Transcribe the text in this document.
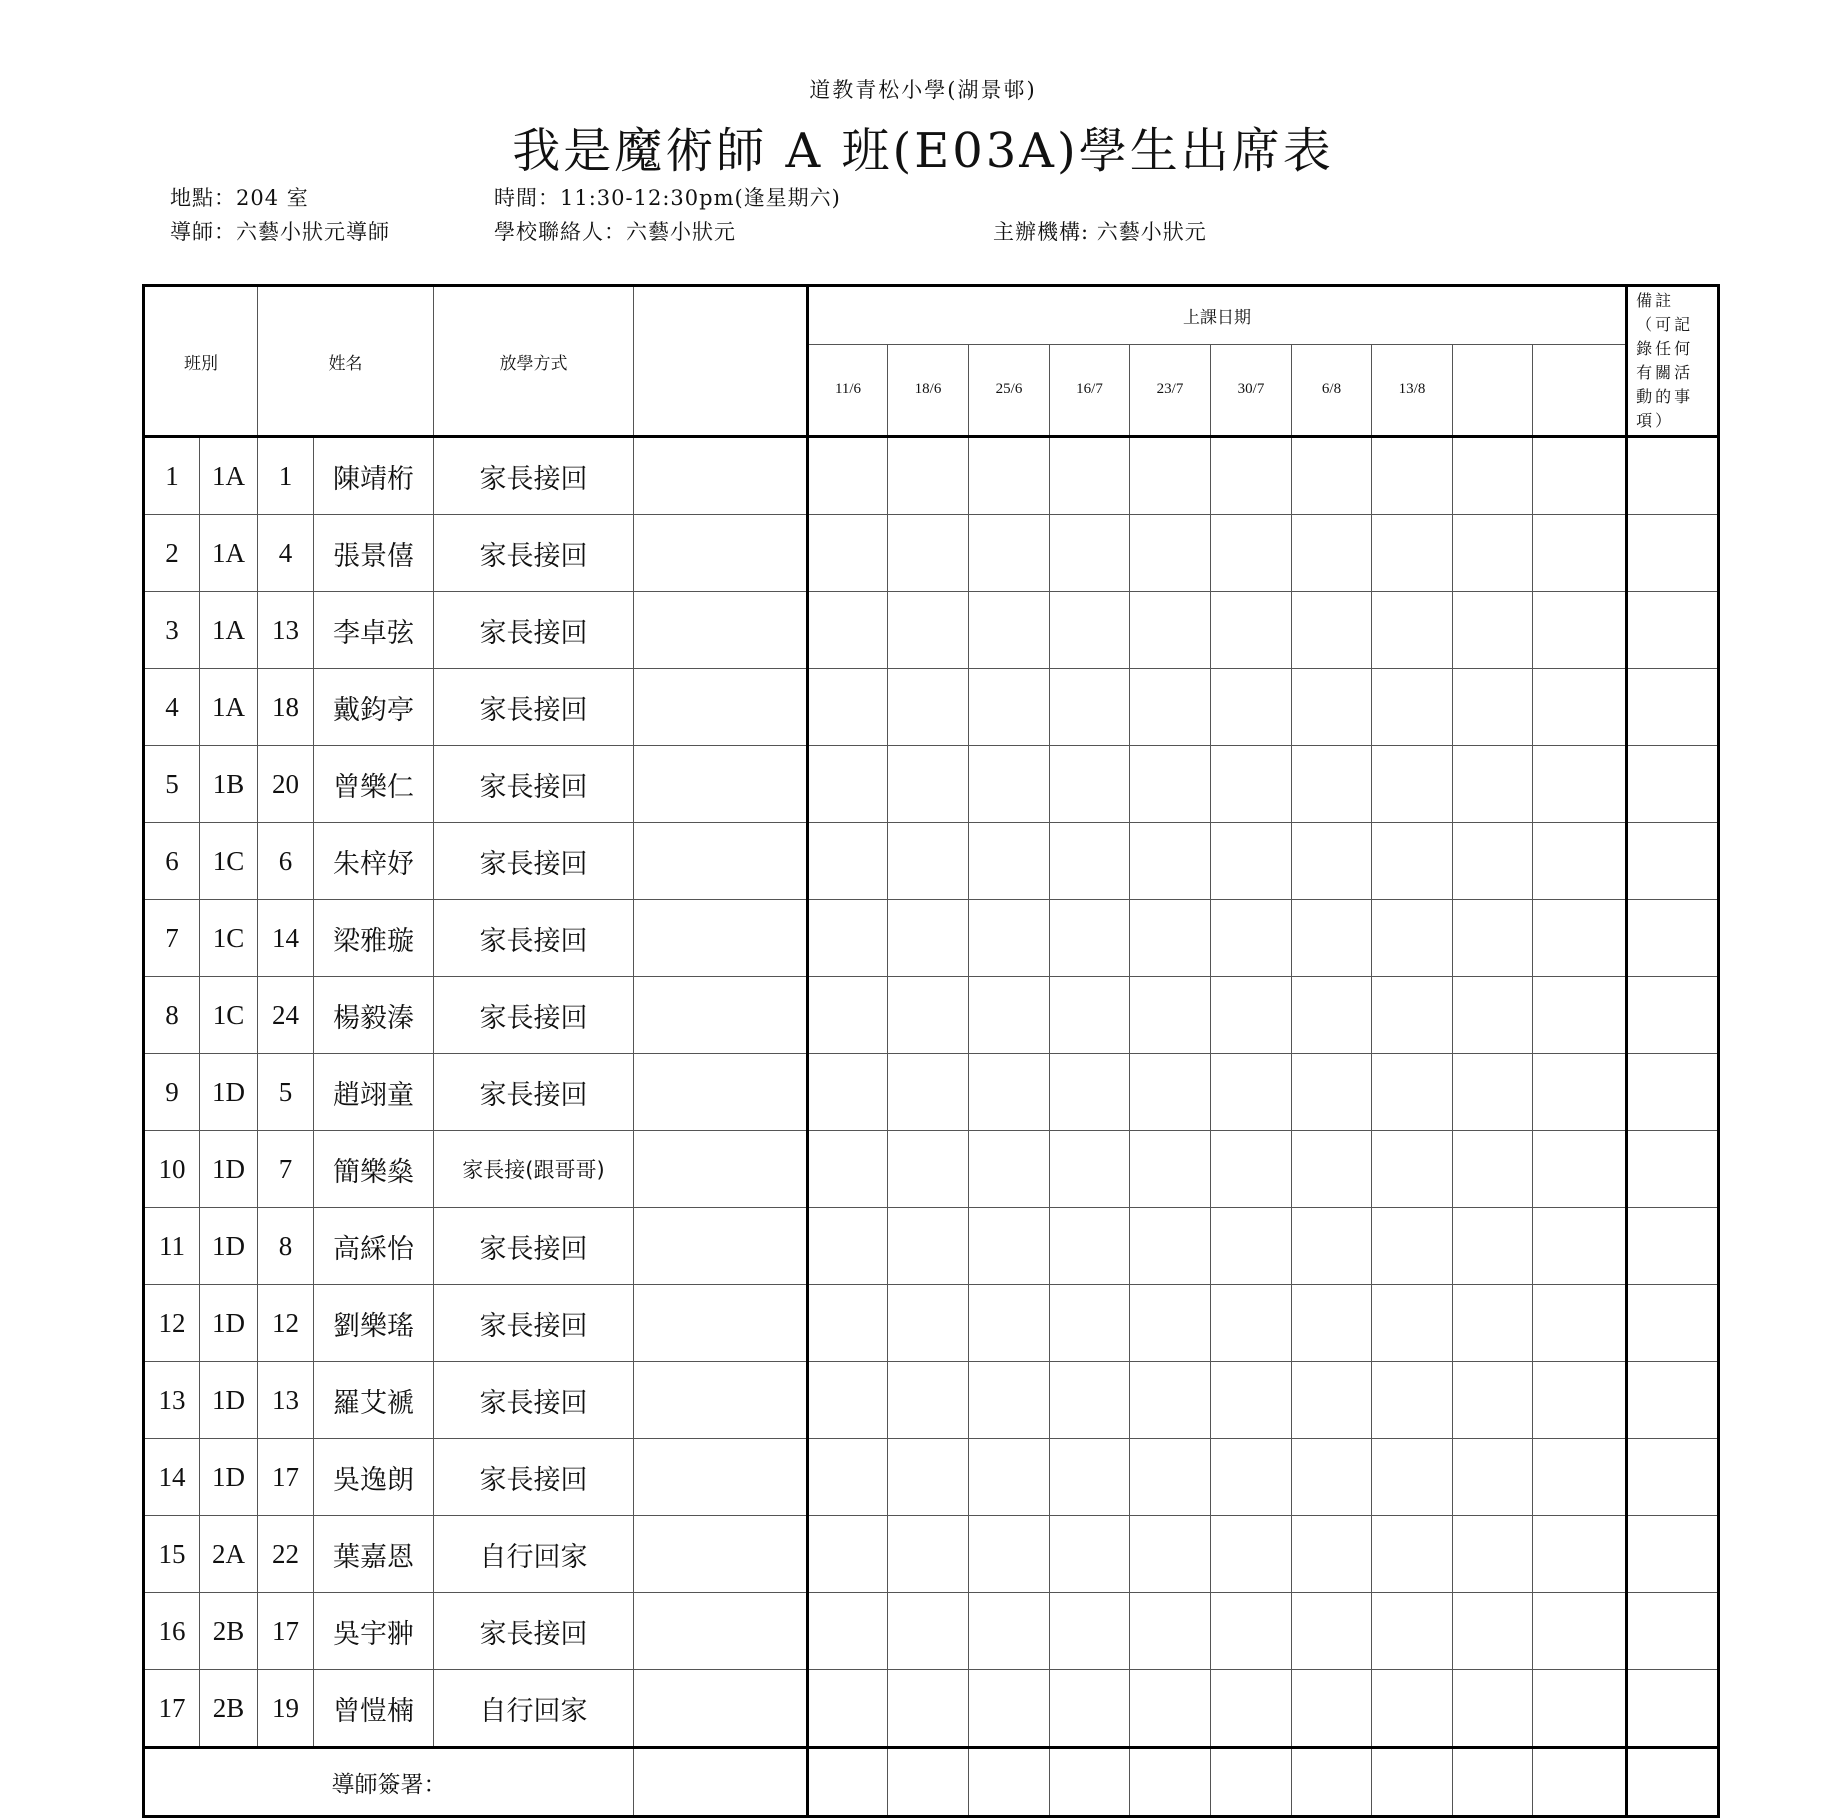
道教青松小學(湖景邨)
我是魔術師 A 班(E03A)學生出席表
地點：204 室	時間：11:30-12:30pm(逢星期六)
導師：六藝小狀元導師	學校聯絡人：六藝小狀元	主辦機構: 六藝小狀元
班別		姓名		放學方式		上課日期										備註（可記錄任何有關活動的事項）
						11/6	18/6	25/6	16/7	23/7	30/7	6/8	13/8			
1	1A	1	陳靖桁	家長接回												
2	1A	4	張景僖	家長接回												
3	1A	13	李卓弦	家長接回												
4	1A	18	戴鈞亭	家長接回												
5	1B	20	曾樂仁	家長接回												
6	1C	6	朱梓妤	家長接回												
7	1C	14	梁雅璇	家長接回												
8	1C	24	楊毅溱	家長接回												
9	1D	5	趙翊童	家長接回												
10	1D	7	簡樂燊	家長接(跟哥哥)												
11	1D	8	高綵怡	家長接回												
12	1D	12	劉樂瑤	家長接回												
13	1D	13	羅艾褫	家長接回												
14	1D	17	吳逸朗	家長接回												
15	2A	22	葉嘉恩	自行回家												
16	2B	17	吳宇翀	家長接回												
17	2B	19	曾愷楠	自行回家												
導師簽署：																
